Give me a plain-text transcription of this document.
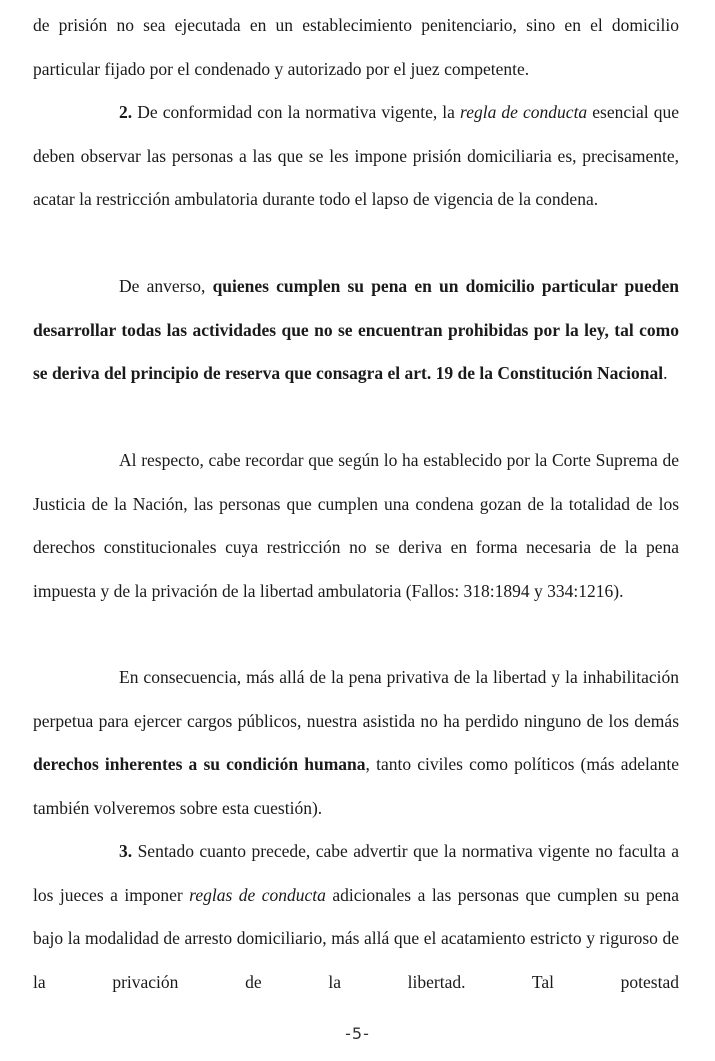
de prisión no sea ejecutada en un establecimiento penitenciario, sino en el domicilio particular fijado por el condenado y autorizado por el juez competente.

2. De conformidad con la normativa vigente, la regla de conducta esencial que deben observar las personas a las que se les impone prisión domiciliaria es, precisamente, acatar la restricción ambulatoria durante todo el lapso de vigencia de la condena.

De anverso, quienes cumplen su pena en un domicilio particular pueden desarrollar todas las actividades que no se encuentran prohibidas por la ley, tal como se deriva del principio de reserva que consagra el art. 19 de la Constitución Nacional.

Al respecto, cabe recordar que según lo ha establecido por la Corte Suprema de Justicia de la Nación, las personas que cumplen una condena gozan de la totalidad de los derechos constitucionales cuya restricción no se deriva en forma necesaria de la pena impuesta y de la privación de la libertad ambulatoria (Fallos: 318:1894 y 334:1216).

En consecuencia, más allá de la pena privativa de la libertad y la inhabilitación perpetua para ejercer cargos públicos, nuestra asistida no ha perdido ninguno de los demás derechos inherentes a su condición humana, tanto civiles como políticos (más adelante también volveremos sobre esta cuestión).

3. Sentado cuanto precede, cabe advertir que la normativa vigente no faculta a los jueces a imponer reglas de conducta adicionales a las personas que cumplen su pena bajo la modalidad de arresto domiciliario, más allá que el acatamiento estricto y riguroso de la privación de la libertad. Tal potestad

-5-
